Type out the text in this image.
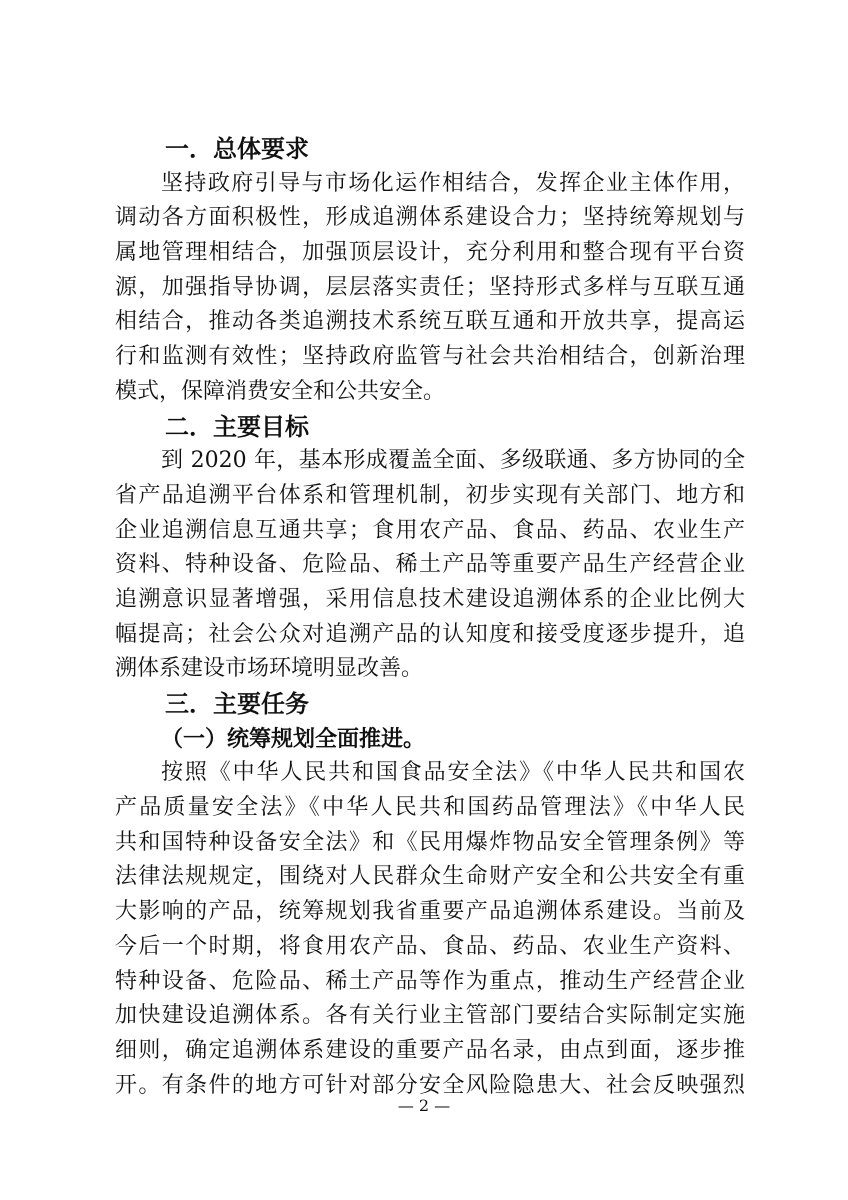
一．总体要求
坚持政府引导与市场化运作相结合，发挥企业主体作用，
调动各方面积极性，形成追溯体系建设合力；坚持统筹规划与
属地管理相结合，加强顶层设计，充分利用和整合现有平台资
源，加强指导协调，层层落实责任；坚持形式多样与互联互通
相结合，推动各类追溯技术系统互联互通和开放共享，提高运
行和监测有效性；坚持政府监管与社会共治相结合，创新治理
模式，保障消费安全和公共安全。
二．主要目标
到 2020 年，基本形成覆盖全面、多级联通、多方协同的全
省产品追溯平台体系和管理机制，初步实现有关部门、地方和
企业追溯信息互通共享；食用农产品、食品、药品、农业生产
资料、特种设备、危险品、稀土产品等重要产品生产经营企业
追溯意识显著增强，采用信息技术建设追溯体系的企业比例大
幅提高；社会公众对追溯产品的认知度和接受度逐步提升，追
溯体系建设市场环境明显改善。
三．主要任务
（一）统筹规划全面推进。
按照《中华人民共和国食品安全法》《中华人民共和国农
产品质量安全法》《中华人民共和国药品管理法》《中华人民
共和国特种设备安全法》和《民用爆炸物品安全管理条例》等
法律法规规定，围绕对人民群众生命财产安全和公共安全有重
大影响的产品，统筹规划我省重要产品追溯体系建设。当前及
今后一个时期，将食用农产品、食品、药品、农业生产资料、
特种设备、危险品、稀土产品等作为重点，推动生产经营企业
加快建设追溯体系。各有关行业主管部门要结合实际制定实施
细则，确定追溯体系建设的重要产品名录，由点到面，逐步推
开。有条件的地方可针对部分安全风险隐患大、社会反映强烈
— 2 —
